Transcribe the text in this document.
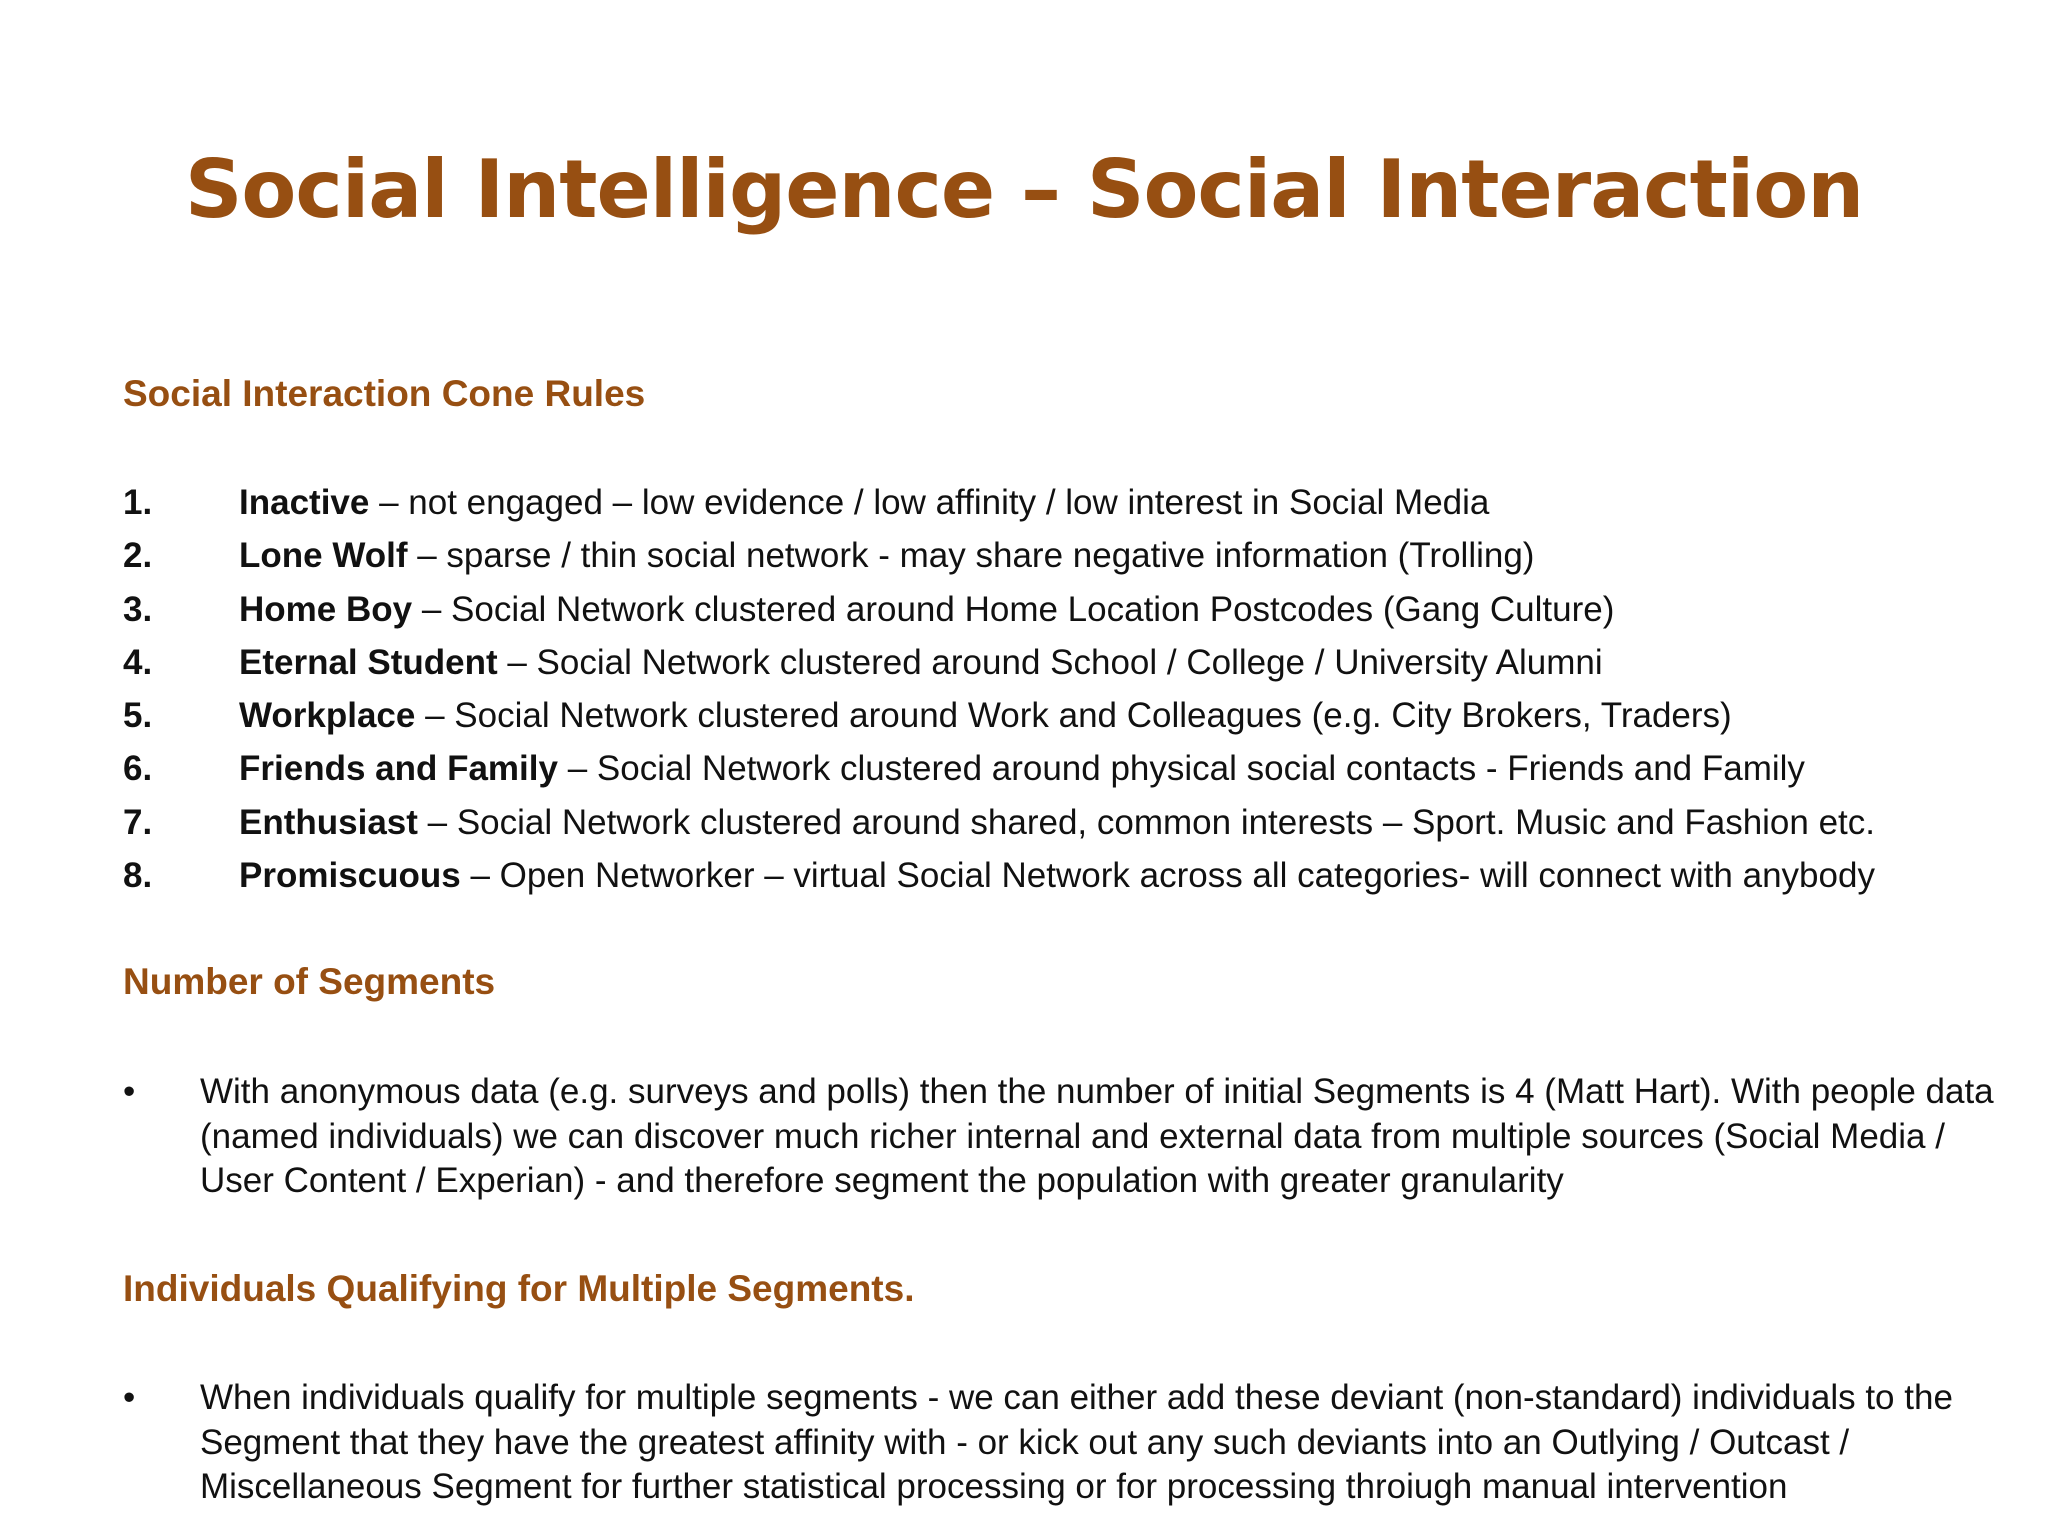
Social Intelligence – Social Interaction
Social Interaction Cone Rules
1. Inactive – not engaged – low evidence / low affinity / low interest in Social Media
2. Lone Wolf – sparse / thin social network - may share negative information (Trolling)
3. Home Boy – Social Network clustered around Home Location Postcodes (Gang Culture)
4. Eternal Student – Social Network clustered around School / College / University Alumni
5. Workplace – Social Network clustered around Work and Colleagues (e.g. City Brokers, Traders)
6. Friends and Family – Social Network clustered around physical social contacts - Friends and Family
7. Enthusiast – Social Network clustered around shared, common interests – Sport. Music and Fashion etc.
8. Promiscuous – Open Networker – virtual Social Network across all categories- will connect with anybody
Number of Segments
• With anonymous data (e.g. surveys and polls) then the number of initial Segments is 4 (Matt Hart). With people data (named individuals) we can discover much richer internal and external data from multiple sources (Social Media / User Content / Experian) - and therefore segment the population with greater granularity
Individuals Qualifying for Multiple Segments.
• When individuals qualify for multiple segments - we can either add these deviant (non-standard) individuals to the Segment that they have the greatest affinity with - or kick out any such deviants into an Outlying / Outcast / Miscellaneous Segment for further statistical processing or for processing throiugh manual intervention
